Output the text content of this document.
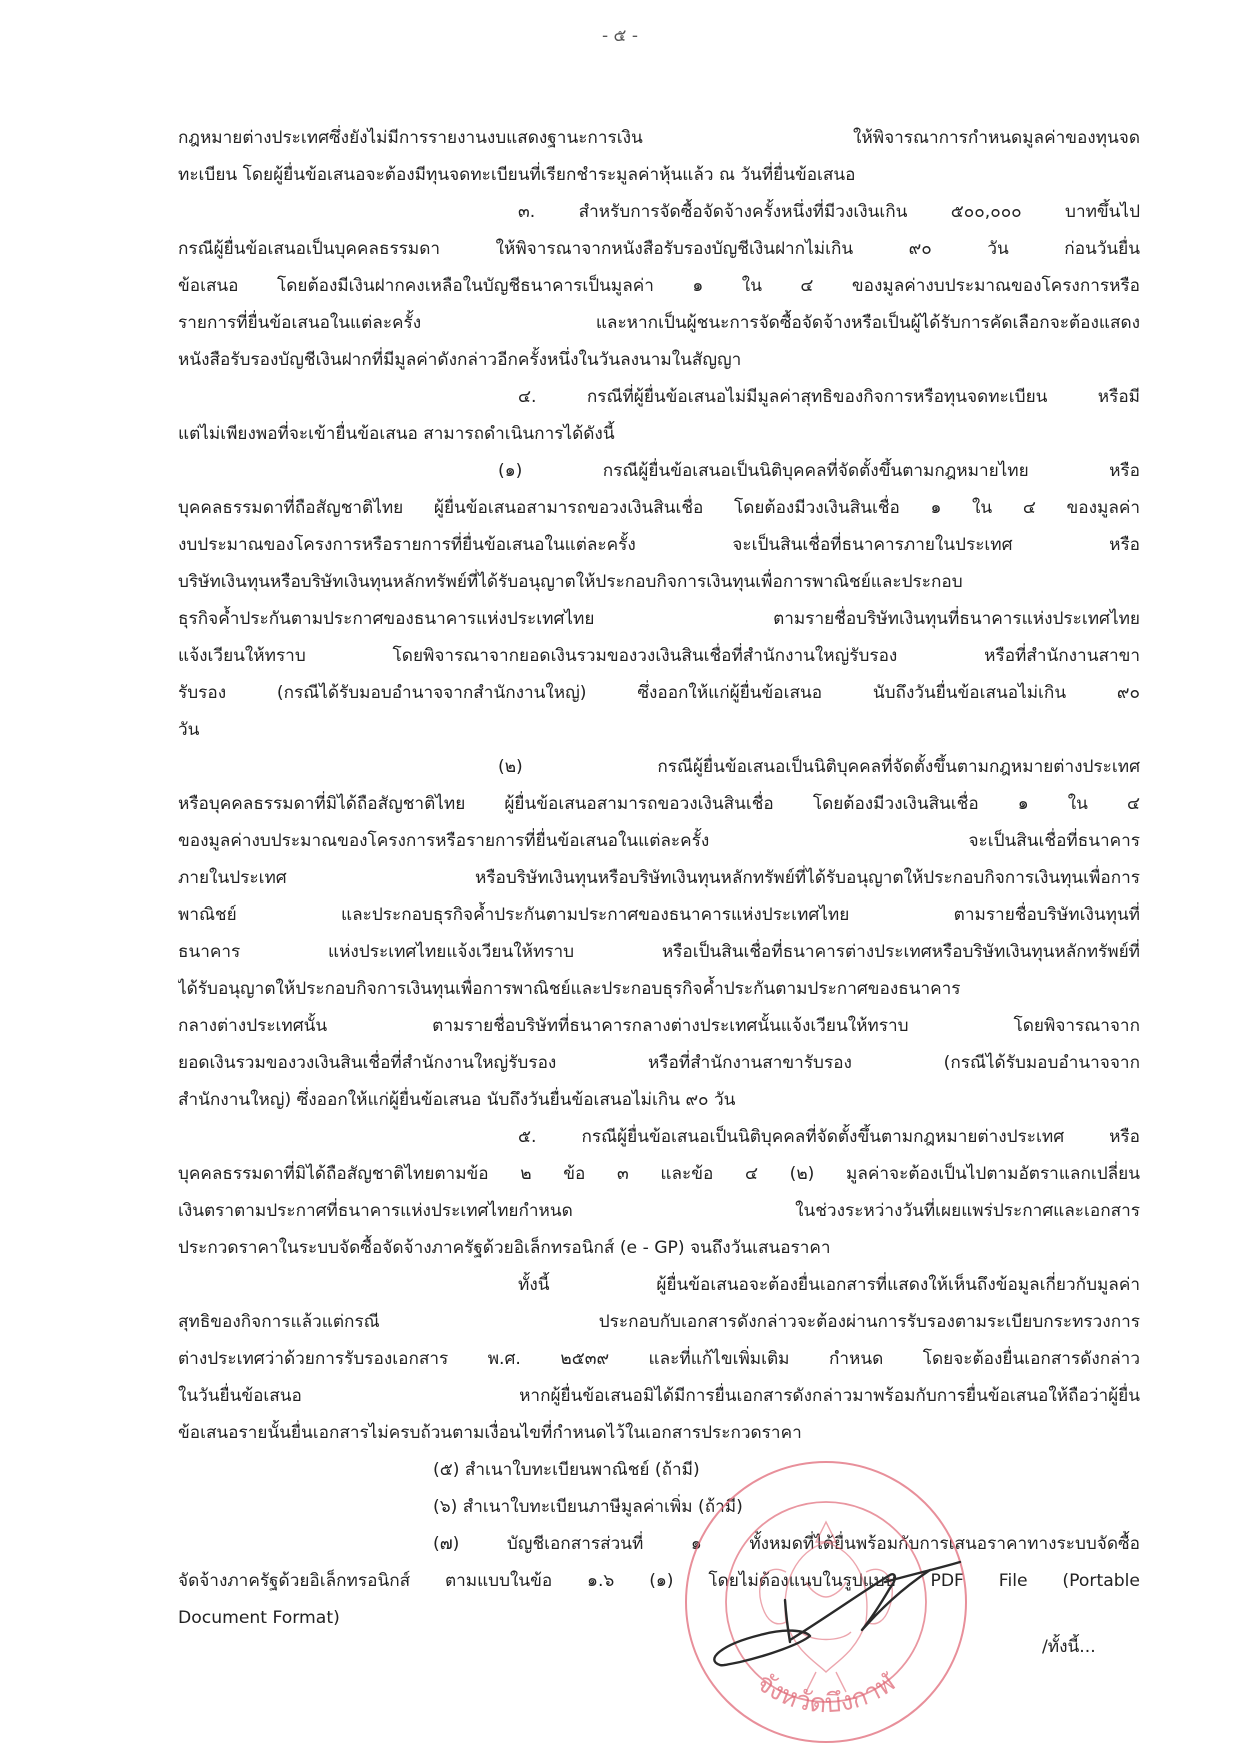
- ๕ -
กฎหมายต่างประเทศซึ่งยังไม่มีการรายงานงบแสดงฐานะการเงิน ให้พิจารณาการกำหนดมูลค่าของทุนจด
ทะเบียน โดยผู้ยื่นข้อเสนอจะต้องมีทุนจดทะเบียนที่เรียกชำระมูลค่าหุ้นแล้ว ณ วันที่ยื่นข้อเสนอ
๓. สำหรับการจัดซื้อจัดจ้างครั้งหนึ่งที่มีวงเงินเกิน ๕๐๐,๐๐๐ บาทขึ้นไป
กรณีผู้ยื่นข้อเสนอเป็นบุคคลธรรมดา ให้พิจารณาจากหนังสือรับรองบัญชีเงินฝากไม่เกิน ๙๐ วัน ก่อนวันยื่น
ข้อเสนอ โดยต้องมีเงินฝากคงเหลือในบัญชีธนาคารเป็นมูลค่า ๑ ใน ๔ ของมูลค่างบประมาณของโครงการหรือ
รายการที่ยื่นข้อเสนอในแต่ละครั้ง และหากเป็นผู้ชนะการจัดซื้อจัดจ้างหรือเป็นผู้ได้รับการคัดเลือกจะต้องแสดง
หนังสือรับรองบัญชีเงินฝากที่มีมูลค่าดังกล่าวอีกครั้งหนึ่งในวันลงนามในสัญญา
๔. กรณีที่ผู้ยื่นข้อเสนอไม่มีมูลค่าสุทธิของกิจการหรือทุนจดทะเบียน หรือมี
แต่ไม่เพียงพอที่จะเข้ายื่นข้อเสนอ สามารถดำเนินการได้ดังนี้
(๑) กรณีผู้ยื่นข้อเสนอเป็นนิติบุคคลที่จัดตั้งขึ้นตามกฎหมายไทย หรือ
บุคคลธรรมดาที่ถือสัญชาติไทย ผู้ยื่นข้อเสนอสามารถขอวงเงินสินเชื่อ โดยต้องมีวงเงินสินเชื่อ ๑ ใน ๔ ของมูลค่า
งบประมาณของโครงการหรือรายการที่ยื่นข้อเสนอในแต่ละครั้ง จะเป็นสินเชื่อที่ธนาคารภายในประเทศ หรือ
บริษัทเงินทุนหรือบริษัทเงินทุนหลักทรัพย์ที่ได้รับอนุญาตให้ประกอบกิจการเงินทุนเพื่อการพาณิชย์และประกอบ
ธุรกิจค้ำประกันตามประกาศของธนาคารแห่งประเทศไทย ตามรายชื่อบริษัทเงินทุนที่ธนาคารแห่งประเทศไทย
แจ้งเวียนให้ทราบ โดยพิจารณาจากยอดเงินรวมของวงเงินสินเชื่อที่สำนักงานใหญ่รับรอง หรือที่สำนักงานสาขา
รับรอง (กรณีได้รับมอบอำนาจจากสำนักงานใหญ่) ซึ่งออกให้แก่ผู้ยื่นข้อเสนอ นับถึงวันยื่นข้อเสนอไม่เกิน ๙๐
วัน
(๒) กรณีผู้ยื่นข้อเสนอเป็นนิติบุคคลที่จัดตั้งขึ้นตามกฎหมายต่างประเทศ
หรือบุคคลธรรมดาที่มิได้ถือสัญชาติไทย ผู้ยื่นข้อเสนอสามารถขอวงเงินสินเชื่อ โดยต้องมีวงเงินสินเชื่อ ๑ ใน ๔
ของมูลค่างบประมาณของโครงการหรือรายการที่ยื่นข้อเสนอในแต่ละครั้ง จะเป็นสินเชื่อที่ธนาคาร
ภายในประเทศ หรือบริษัทเงินทุนหรือบริษัทเงินทุนหลักทรัพย์ที่ได้รับอนุญาตให้ประกอบกิจการเงินทุนเพื่อการ
พาณิชย์ และประกอบธุรกิจค้ำประกันตามประกาศของธนาคารแห่งประเทศไทย ตามรายชื่อบริษัทเงินทุนที่
ธนาคาร แห่งประเทศไทยแจ้งเวียนให้ทราบ หรือเป็นสินเชื่อที่ธนาคารต่างประเทศหรือบริษัทเงินทุนหลักทรัพย์ที่
ได้รับอนุญาตให้ประกอบกิจการเงินทุนเพื่อการพาณิชย์และประกอบธุรกิจค้ำประกันตามประกาศของธนาคาร
กลางต่างประเทศนั้น ตามรายชื่อบริษัทที่ธนาคารกลางต่างประเทศนั้นแจ้งเวียนให้ทราบ โดยพิจารณาจาก
ยอดเงินรวมของวงเงินสินเชื่อที่สำนักงานใหญ่รับรอง หรือที่สำนักงานสาขารับรอง (กรณีได้รับมอบอำนาจจาก
สำนักงานใหญ่) ซึ่งออกให้แก่ผู้ยื่นข้อเสนอ นับถึงวันยื่นข้อเสนอไม่เกิน ๙๐ วัน
๕. กรณีผู้ยื่นข้อเสนอเป็นนิติบุคคลที่จัดตั้งขึ้นตามกฎหมายต่างประเทศ หรือ
บุคคลธรรมดาที่มิได้ถือสัญชาติไทยตามข้อ ๒ ข้อ ๓ และข้อ ๔ (๒) มูลค่าจะต้องเป็นไปตามอัตราแลกเปลี่ยน
เงินตราตามประกาศที่ธนาคารแห่งประเทศไทยกำหนด ในช่วงระหว่างวันที่เผยแพร่ประกาศและเอกสาร
ประกวดราคาในระบบจัดซื้อจัดจ้างภาครัฐด้วยอิเล็กทรอนิกส์ (e - GP) จนถึงวันเสนอราคา
ทั้งนี้ ผู้ยื่นข้อเสนอจะต้องยื่นเอกสารที่แสดงให้เห็นถึงข้อมูลเกี่ยวกับมูลค่า
สุทธิของกิจการแล้วแต่กรณี ประกอบกับเอกสารดังกล่าวจะต้องผ่านการรับรองตามระเบียบกระทรวงการ
ต่างประเทศว่าด้วยการรับรองเอกสาร พ.ศ. ๒๕๓๙ และที่แก้ไขเพิ่มเติม กำหนด โดยจะต้องยื่นเอกสารดังกล่าว
ในวันยื่นข้อเสนอ หากผู้ยื่นข้อเสนอมิได้มีการยื่นเอกสารดังกล่าวมาพร้อมกับการยื่นข้อเสนอให้ถือว่าผู้ยื่น
ข้อเสนอรายนั้นยื่นเอกสารไม่ครบถ้วนตามเงื่อนไขที่กำหนดไว้ในเอกสารประกวดราคา
(๕) สำเนาใบทะเบียนพาณิชย์ (ถ้ามี)
(๖) สำเนาใบทะเบียนภาษีมูลค่าเพิ่ม (ถ้ามี)
(๗) บัญชีเอกสารส่วนที่ ๑ ทั้งหมดที่ได้ยื่นพร้อมกับการเสนอราคาทางระบบจัดซื้อ
จัดจ้างภาครัฐด้วยอิเล็กทรอนิกส์ ตามแบบในข้อ ๑.๖ (๑) โดยไม่ต้องแนบในรูปแบบ PDF File (Portable
Document Format)
/ทั้งนี้...
จังหวัดบึงกาฬ
